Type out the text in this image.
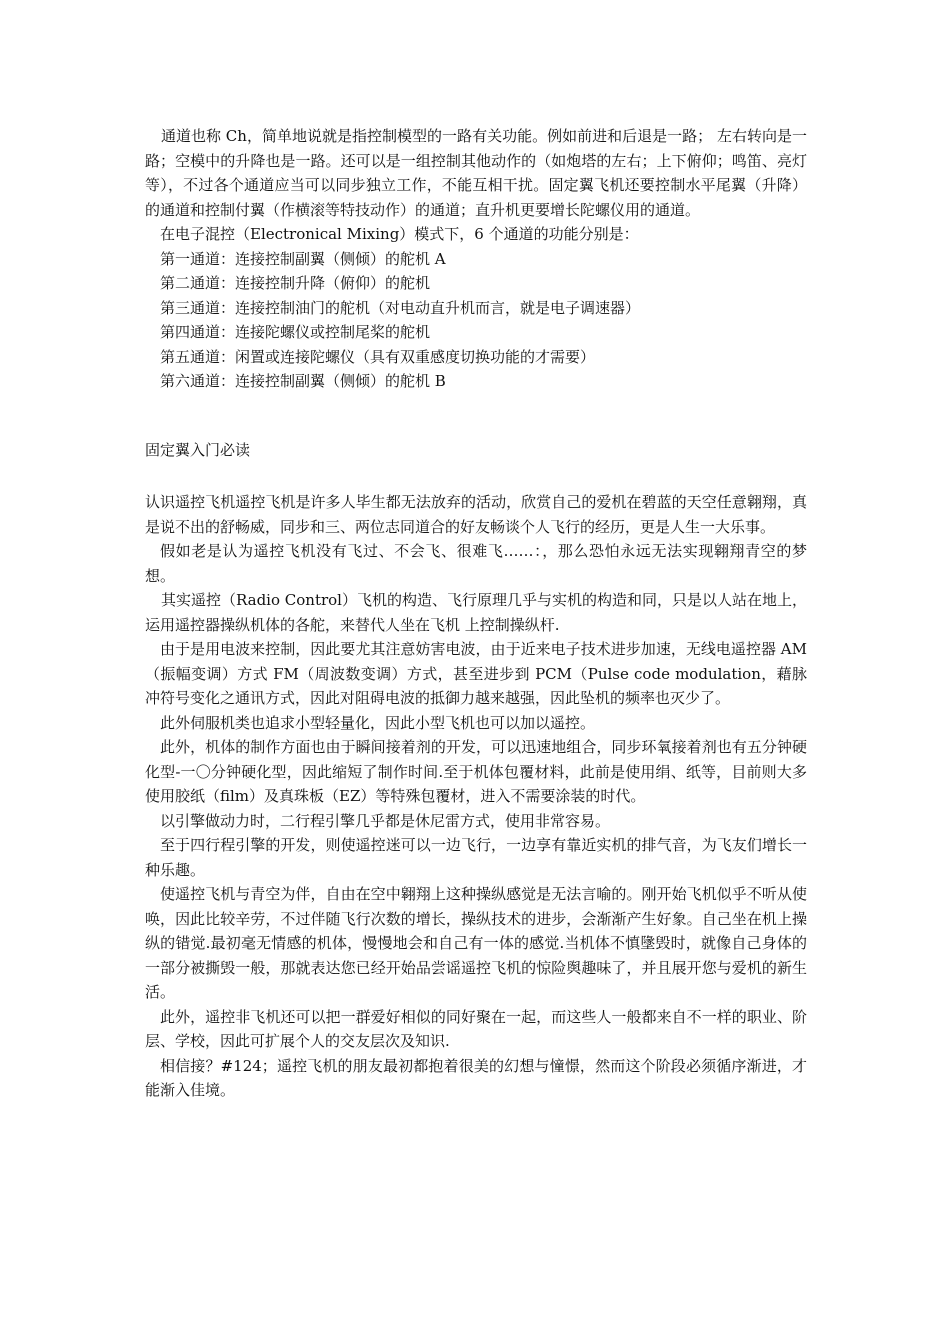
通道也称 Ch，简单地说就是指控制模型的一路有关功能。例如前进和后退是一路； 左右转向是一路；空模中的升降也是一路。还可以是一组控制其他动作的（如炮塔的左右；上下俯仰；鸣笛、亮灯等），不过各个通道应当可以同步独立工作，不能互相干扰。固定翼飞机还要控制水平尾翼（升降）的通道和控制付翼（作横滚等特技动作）的通道；直升机更要增长陀螺仪用的通道。

在电子混控（Electronical Mixing）模式下，6 个通道的功能分别是：

第一通道：连接控制副翼（侧倾）的舵机 A

第二通道：连接控制升降（俯仰）的舵机

第三通道：连接控制油门的舵机（对电动直升机而言，就是电子调速器）

第四通道：连接陀螺仪或控制尾桨的舵机

第五通道：闲置或连接陀螺仪（具有双重感度切换功能的才需要）

第六通道：连接控制副翼（侧倾）的舵机 B

固定翼入门必读

认识遥控飞机遥控飞机是许多人毕生都无法放弃的活动，欣赏自己的爱机在碧蓝的天空任意翱翔，真是说不出的舒畅威，同步和三、两位志同道合的好友畅谈个人飞行的经历，更是人生一大乐事。

假如老是认为遥控飞机没有飞过、不会飞、很难飞……：，那么恐怕永远无法实现翱翔青空的梦想。

其实遥控（Radio Control）飞机的构造、飞行原理几乎与实机的构造和同，只是以人站在地上，运用遥控器操纵机体的各舵，来替代人坐在飞机 上控制操纵杆.

由于是用电波来控制，因此要尤其注意妨害电波，由于近来电子技术进步加速，无线电遥控器 AM（振幅变调）方式 FM（周波数变调）方式，甚至进步到 PCM（Pulse code modulation，藉脉冲符号变化之通讯方式，因此对阻碍电波的抵御力越来越强，因此坠机的频率也灭少了。

此外伺服机类也追求小型轻量化，因此小型飞机也可以加以遥控。

此外，机体的制作方面也由于瞬间接着剂的开发，可以迅速地组合，同步环氧接着剂也有五分钟硬化型-一〇分钟硬化型，因此缩短了制作时间.至于机体包覆材料，此前是使用绢、纸等，目前则大多使用胶纸（film）及真珠板（EZ）等特殊包覆材，进入不需要涂装的时代。

以引擎做动力时，二行程引擎几乎都是休尼雷方式，使用非常容易。

至于四行程引擎的开发，则使遥控迷可以一边飞行，一边享有靠近实机的排气音，为飞友们增长一种乐趣。

使遥控飞机与青空为伴，自由在空中翱翔上这种操纵感觉是无法言喻的。刚开始飞机似乎不听从使唤，因此比较辛劳，不过伴随飞行次数的增长，操纵技术的进步，会渐渐产生好象。自己坐在机上操纵的错觉.最初毫无情感的机体，慢慢地会和自己有一体的感觉.当机体不慎墬毁时，就像自己身体的一部分被撕毁一般，那就表达您已经开始品尝谣遥控飞机的惊险舆趣味了，并且展开您与爱机的新生活。

此外，遥控非飞机还可以把一群爱好相似的同好聚在一起，而这些人一般都来自不一样的职业、阶层、学校，因此可扩展个人的交友层次及知识.

相信接？#124；遥控飞机的朋友最初都抱着很美的幻想与憧憬，然而这个阶段必须循序渐进，才能渐入佳境。
